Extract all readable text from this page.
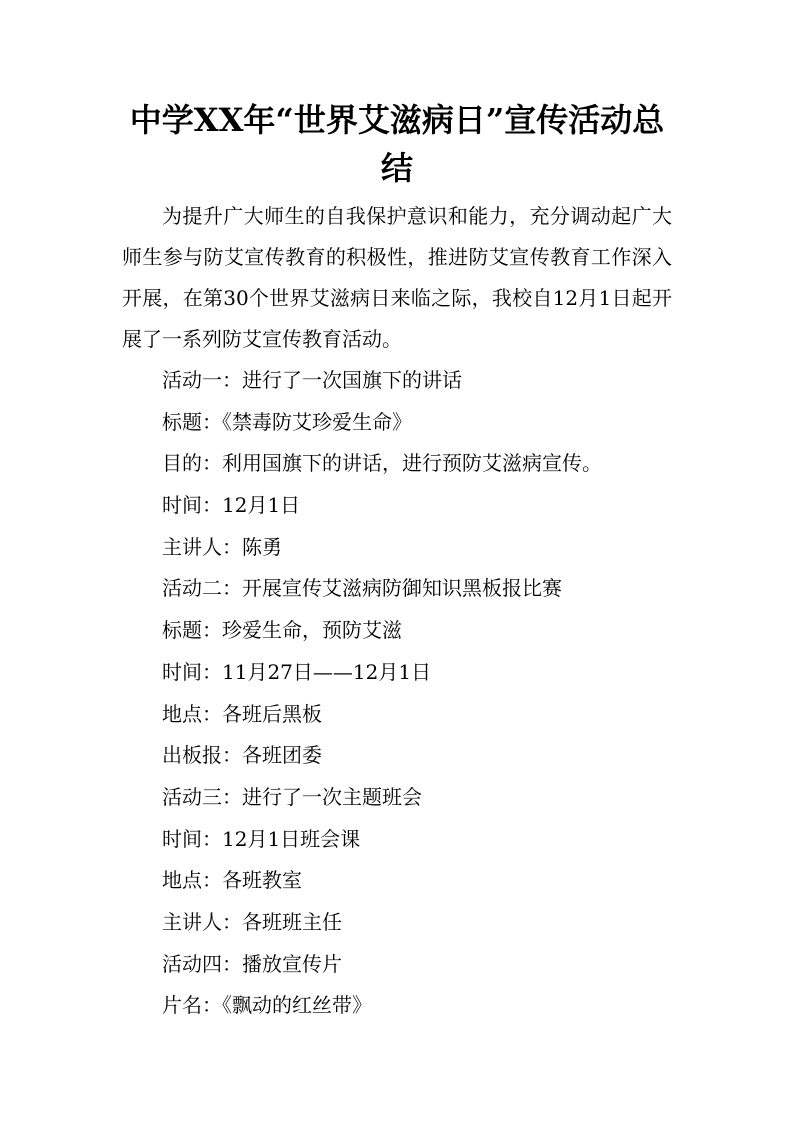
中学XX年“世界艾滋病日”宣传活动总
结

为提升广大师生的自我保护意识和能力，充分调动起广大师生参与防艾宣传教育的积极性，推进防艾宣传教育工作深入开展，在第30个世界艾滋病日来临之际，我校自12月1日起开展了一系列防艾宣传教育活动。

活动一：进行了一次国旗下的讲话
标题：《禁毒防艾珍爱生命》
目的：利用国旗下的讲话，进行预防艾滋病宣传。
时间：12月1日
主讲人：陈勇
活动二：开展宣传艾滋病防御知识黑板报比赛
标题：珍爱生命，预防艾滋
时间：11月27日——12月1日
地点：各班后黑板
出板报：各班团委
活动三：进行了一次主题班会
时间：12月1日班会课
地点：各班教室
主讲人：各班班主任
活动四：播放宣传片
片名：《飘动的红丝带》
